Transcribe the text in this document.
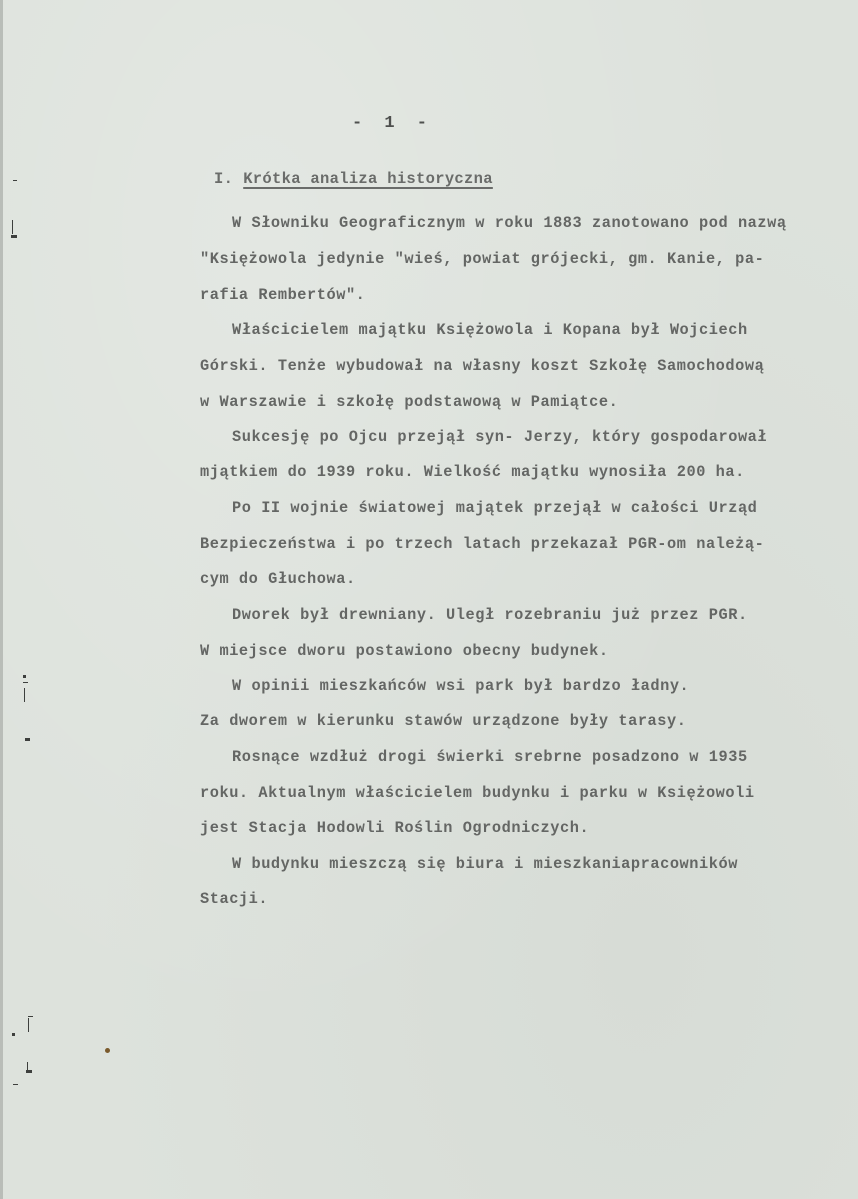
- 1 -
I. Krótka analiza historyczna
W Słowniku Geograficznym w roku 1883 zanotowano pod nazwą
"Księżowola jedynie "wieś, powiat grójecki, gm. Kanie, pa-
rafia Rembertów".
Właścicielem majątku Księżowola i Kopana był Wojciech
Górski. Tenże wybudował na własny koszt Szkołę Samochodową
w Warszawie i szkołę podstawową w Pamiątce.
Sukcesję po Ojcu przejął syn- Jerzy, który gospodarował
mjątkiem do 1939 roku. Wielkość majątku wynosiła 200 ha.
Po II wojnie światowej majątek przejął w całości Urząd
Bezpieczeństwa i po trzech latach przekazał PGR-om należą-
cym do Głuchowa.
Dworek był drewniany. Uległ rozebraniu już przez PGR.
W miejsce dworu postawiono obecny budynek.
W opinii mieszkańców wsi park był bardzo ładny.
Za dworem w kierunku stawów urządzone były tarasy.
Rosnące wzdłuż drogi świerki srebrne posadzono w 1935
roku. Aktualnym właścicielem budynku i parku w Księżowoli
jest Stacja Hodowli Roślin Ogrodniczych.
W budynku mieszczą się biura i mieszkaniapracowników
Stacji.
